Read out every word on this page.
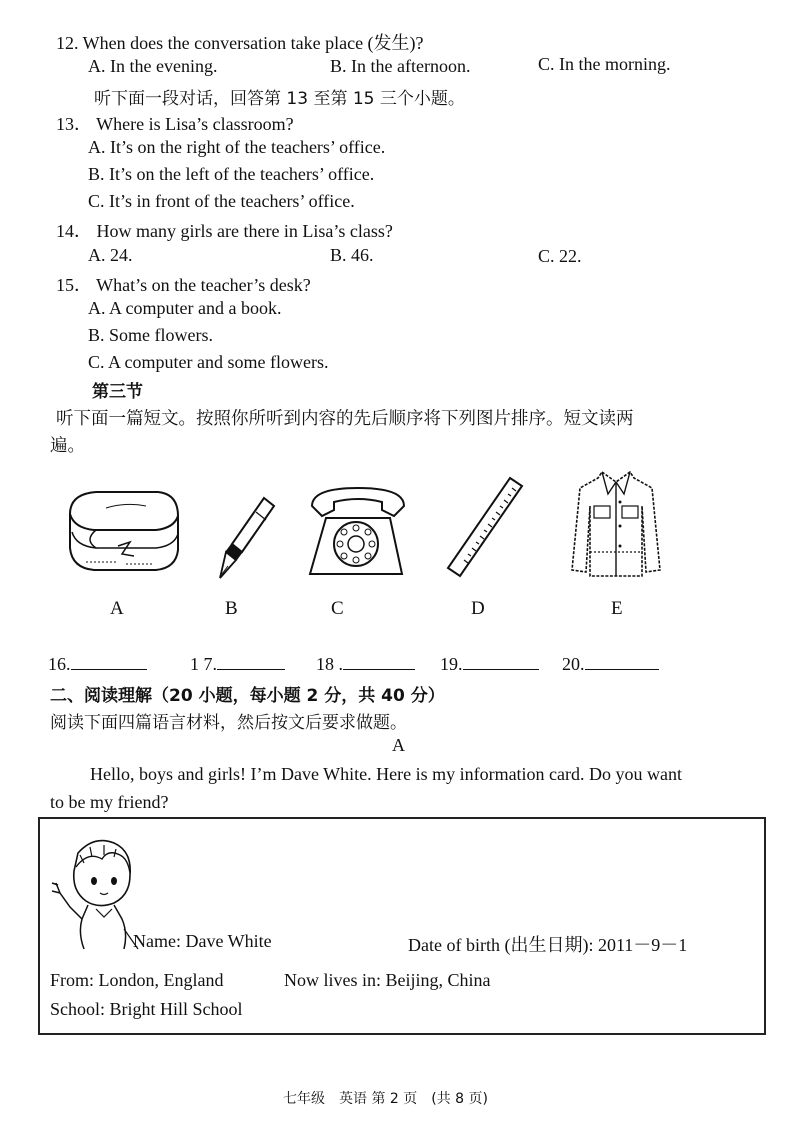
12. When does the conversation take place (发生)?
A. In the evening.	B. In the afternoon.	C. In the morning.
听下面一段对话，回答第 13 至第 15 三个小题。
13． Where is Lisa’s classroom?
A. It’s on the right of the teachers’ office.
B. It’s on the left of the teachers’ office.
C. It’s in front of the teachers’ office.
14． How many girls are there in Lisa’s class?
A. 24.	B. 46.	C. 22.
15． What’s on the teacher’s desk?
A. A computer and a book.
B. Some flowers.
C. A computer and some flowers.
第三节
听下面一篇短文。按照你所听到内容的先后顺序将下列图片排序。短文读两
遍。
A	B	C	D	E
16.	1 7.	18 .	19.	20.
二、阅读理解（20 小题，每小题 2 分，共 40 分）
阅读下面四篇语言材料，然后按文后要求做题。
A
Hello, boys and girls! I’m Dave White. Here is my information card. Do you want
to be my friend?
Name: Dave White	Date of birth (出生日期): 2011－9－1
From: London, England	Now lives in: Beijing, China
School: Bright Hill School
七年级　英语 第 2 页　(共 8 页)
